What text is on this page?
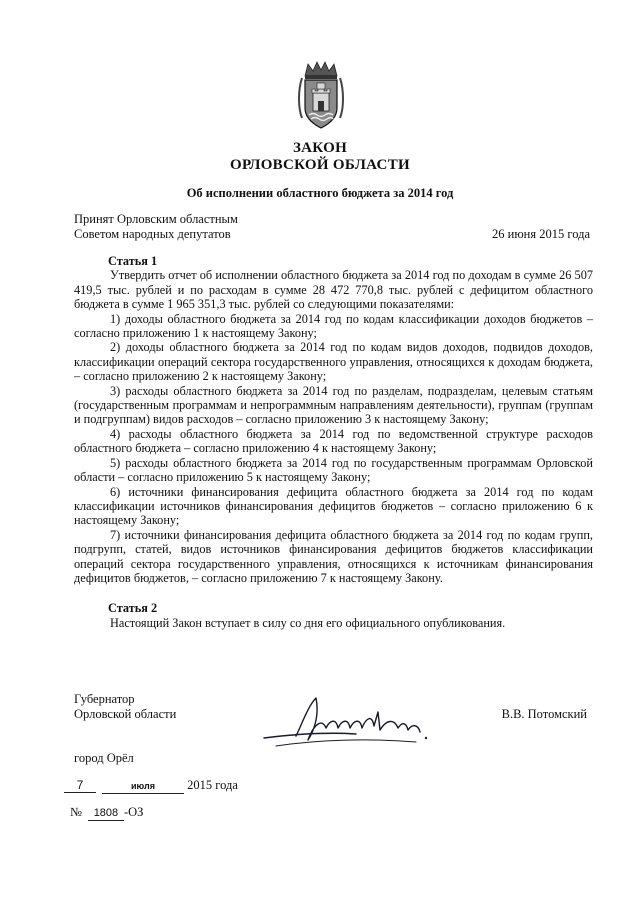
ЗАКОН
ОРЛОВСКОЙ ОБЛАСТИ
Об исполнении областного бюджета за 2014 год
Принят Орловским областным
Советом народных депутатов	26 июня 2015 года
Статья 1

Утвердить отчет об исполнении областного бюджета за 2014 год по доходам в сумме 26 507 419,5 тыс. рублей и по расходам в сумме 28 472 770,8 тыс. рублей с дефицитом областного бюджета в сумме 1 965 351,3 тыс. рублей со следующими показателями:

1) доходы областного бюджета за 2014 год по кодам классификации доходов бюджетов – согласно приложению 1 к настоящему Закону;

2) доходы областного бюджета за 2014 год по кодам видов доходов, подвидов доходов, классификации операций сектора государственного управления, относящихся к доходам бюджета, – согласно приложению 2 к настоящему Закону;

3) расходы областного бюджета за 2014 год по разделам, подразделам, целевым статьям (государственным программам и непрограммным направлениям деятельности), группам (группам и подгруппам) видов расходов – согласно приложению 3 к настоящему Закону;

4) расходы областного бюджета за 2014 год по ведомственной структуре расходов областного бюджета – согласно приложению 4 к настоящему Закону;

5) расходы областного бюджета за 2014 год по государственным программам Орловской области – согласно приложению 5 к настоящему Закону;

6) источники финансирования дефицита областного бюджета за 2014 год по кодам классификации источников финансирования дефицитов бюджетов – согласно приложению 6 к настоящему Закону;

7) источники финансирования дефицита областного бюджета за 2014 год по кодам групп, подгрупп, статей, видов источников финансирования дефицитов бюджетов классификации операций сектора государственного управления, относящихся к источникам финансирования дефицитов бюджетов, – согласно приложению 7 к настоящему Закону.

Статья 2

Настоящий Закон вступает в силу со дня его официального опубликования.

Губернатор
Орловской области	В.В. Потомский
город Орёл
7	июля	2015 года
№ 1808 -ОЗ
